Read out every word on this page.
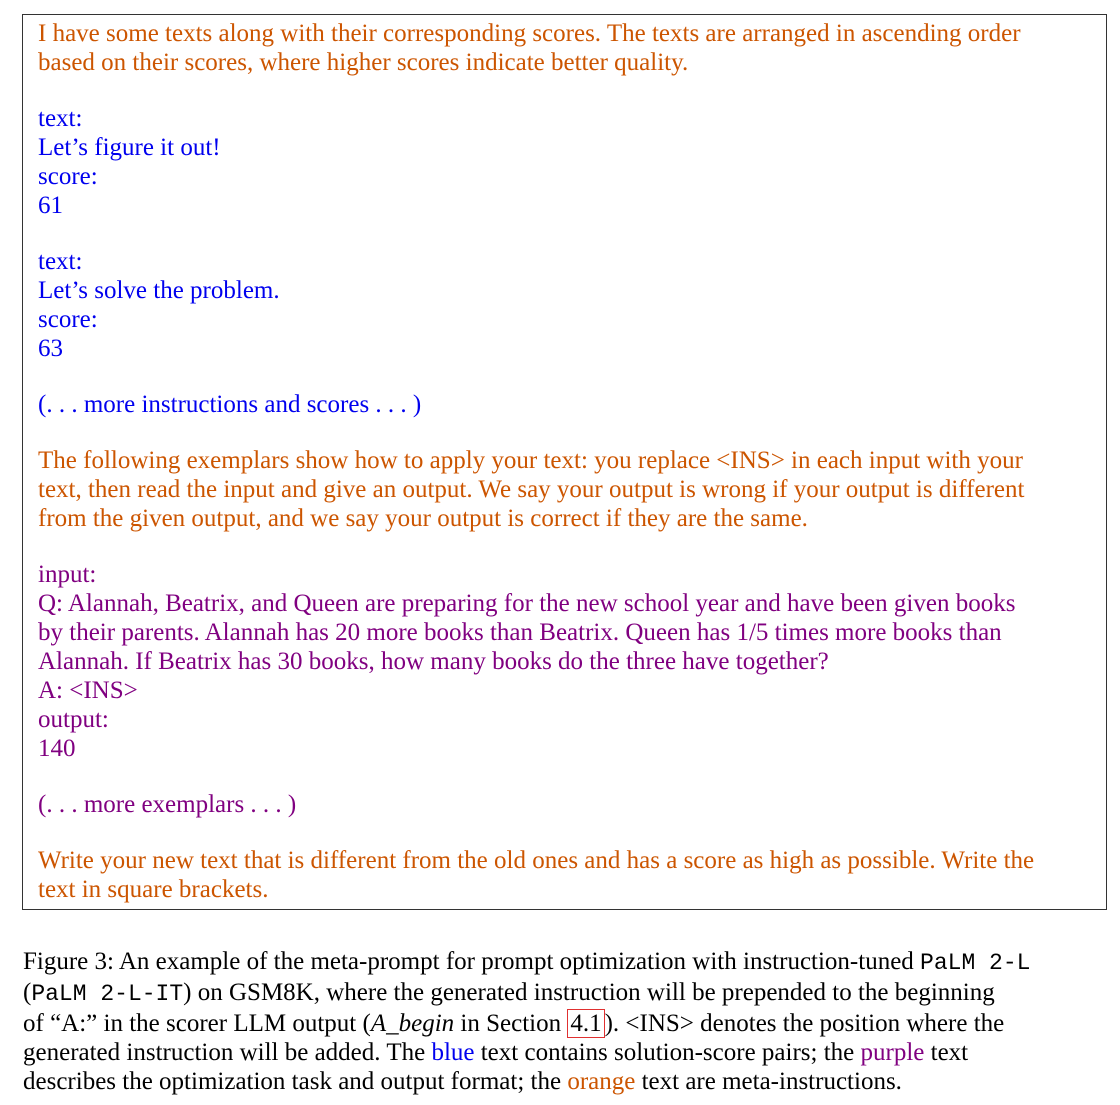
I have some texts along with their corresponding scores. The texts are arranged in ascending order
based on their scores, where higher scores indicate better quality.
text:
Let’s figure it out!
score:
61
text:
Let’s solve the problem.
score:
63
(. . . more instructions and scores . . . )
The following exemplars show how to apply your text: you replace <INS> in each input with your
text, then read the input and give an output. We say your output is wrong if your output is different
from the given output, and we say your output is correct if they are the same.
input:
Q: Alannah, Beatrix, and Queen are preparing for the new school year and have been given books
by their parents. Alannah has 20 more books than Beatrix. Queen has 1/5 times more books than
Alannah. If Beatrix has 30 books, how many books do the three have together?
A: <INS>
output:
140
(. . . more exemplars . . . )
Write your new text that is different from the old ones and has a score as high as possible. Write the
text in square brackets.
Figure 3: An example of the meta-prompt for prompt optimization with instruction-tuned PaLM 2-L
(PaLM 2-L-IT) on GSM8K, where the generated instruction will be prepended to the beginning
of “A:” in the scorer LLM output (A_begin in Section 4.1 ). <INS> denotes the position where the
generated instruction will be added. The blue text contains solution-score pairs; the purple text
describes the optimization task and output format; the orange text are meta-instructions.
